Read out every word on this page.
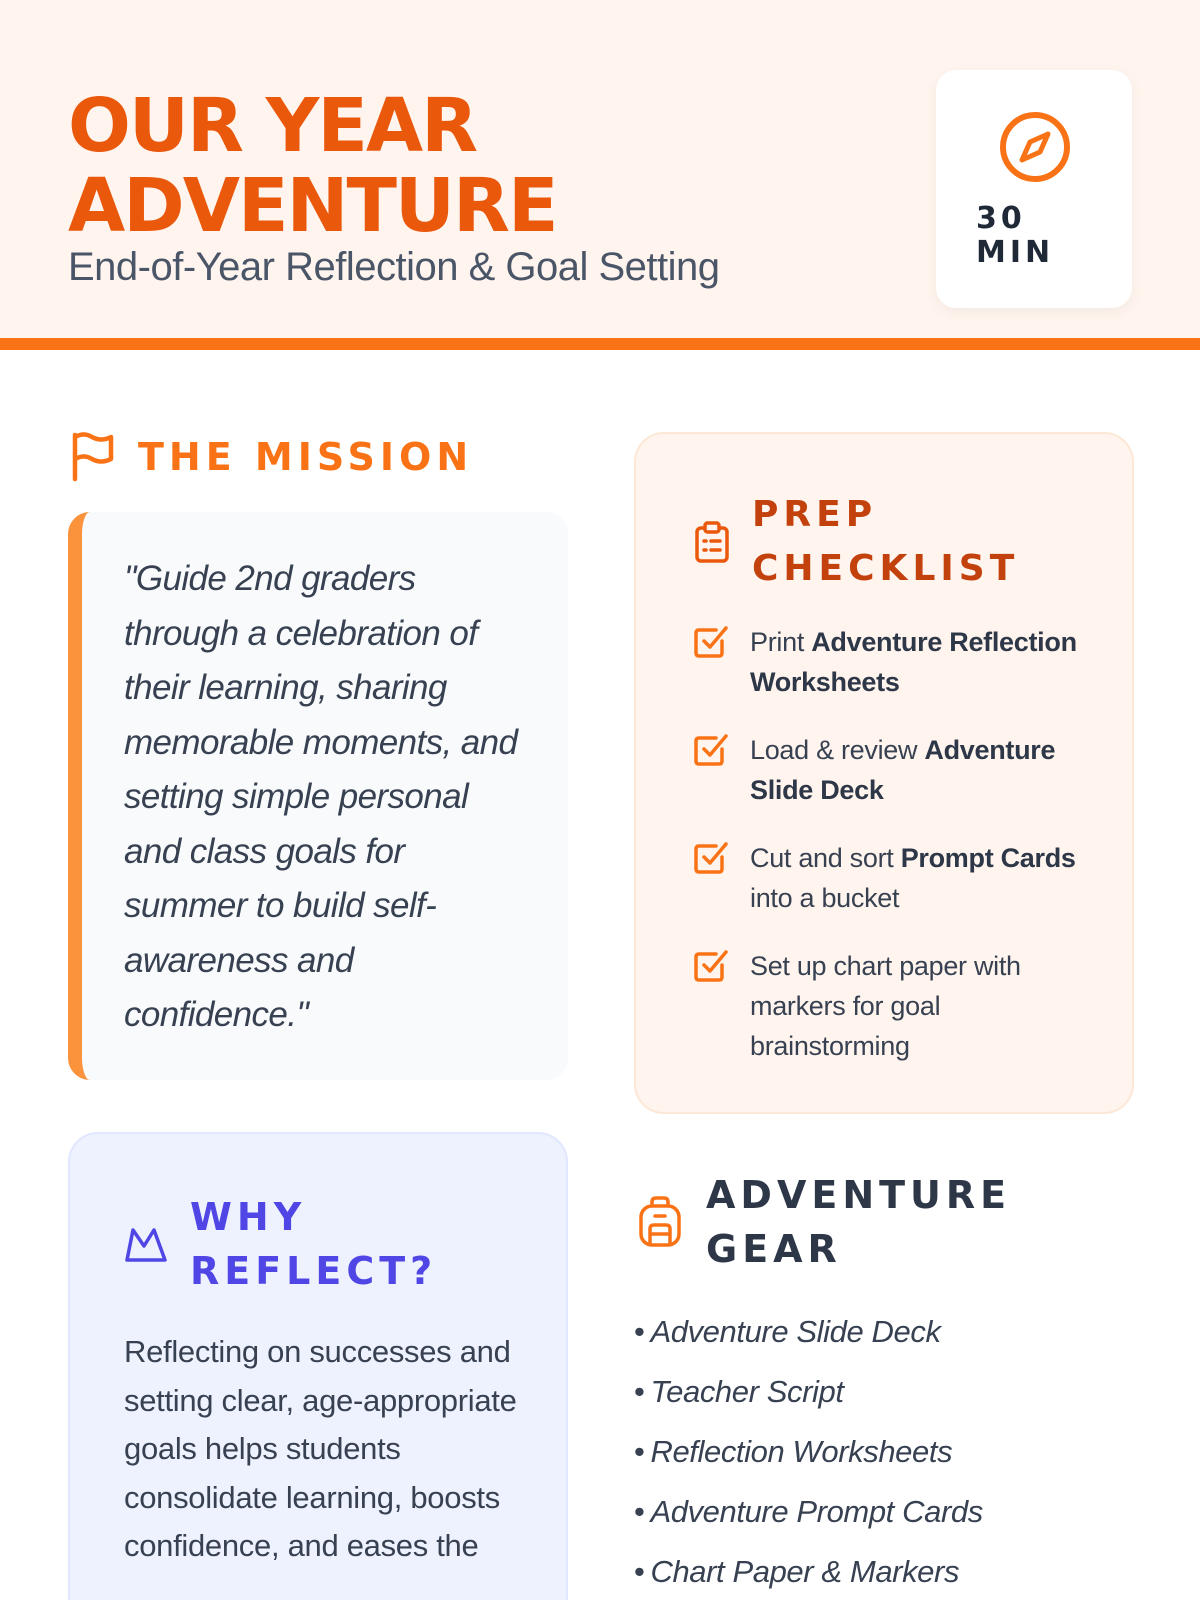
OUR YEAR
ADVENTURE

End-of-Year Reflection & Goal Setting

30
MIN
THE MISSION

"Guide 2nd graders through a celebration of their learning, sharing memorable moments, and setting simple personal and class goals for summer to build self-awareness and confidence."

PREP
CHECKLIST
Print Adventure Reflection Worksheets
Load & review Adventure Slide Deck
Cut and sort Prompt Cards into a bucket
Set up chart paper with markers for goal brainstorming
WHY
REFLECT?

Reflecting on successes and setting clear, age-appropriate goals helps students consolidate learning, boosts confidence, and eases the

ADVENTURE
GEAR
• Adventure Slide Deck
• Teacher Script
• Reflection Worksheets
• Adventure Prompt Cards
• Chart Paper & Markers
